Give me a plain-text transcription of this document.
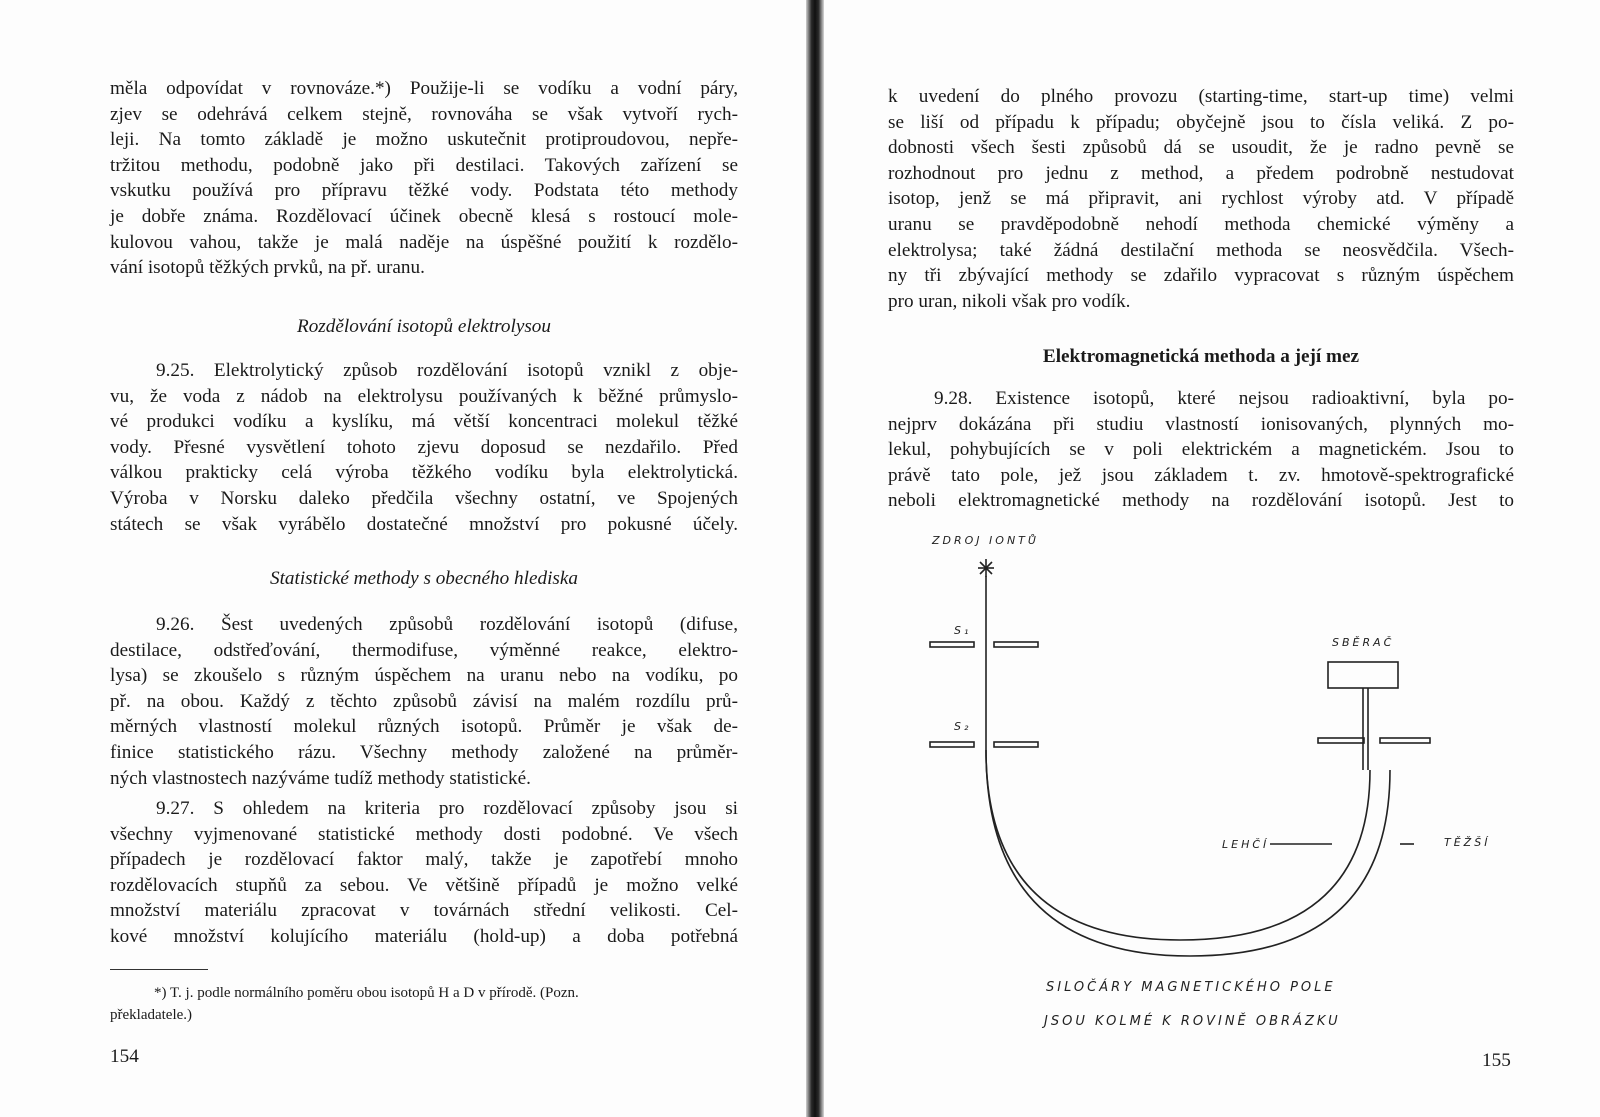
měla odpovídat v rovnováze.*) Použije-li se vodíku a vodní páry,
zjev se odehrává celkem stejně, rovnováha se však vytvoří rych-
leji. Na tomto základě je možno uskutečnit protiproudovou, nepře-
tržitou methodu, podobně jako při destilaci. Takových zařízení se
vskutku používá pro přípravu těžké vody. Podstata této methody
je dobře známa. Rozdělovací účinek obecně klesá s rostoucí mole-
kulovou vahou, takže je malá naděje na úspěšné použití k rozdělo-
vání isotopů těžkých prvků, na př. uranu.
Rozdělování isotopů elektrolysou
9.25. Elektrolytický způsob rozdělování isotopů vznikl z obje-
vu, že voda z nádob na elektrolysu používaných k běžné průmyslo-
vé produkci vodíku a kyslíku, má větší koncentraci molekul těžké
vody. Přesné vysvětlení tohoto zjevu doposud se nezdařilo. Před
válkou prakticky celá výroba těžkého vodíku byla elektrolytická.
Výroba v Norsku daleko předčila všechny ostatní, ve Spojených
státech se však vyrábělo dostatečné množství pro pokusné účely.
Statistické methody s obecného hlediska
9.26. Šest uvedených způsobů rozdělování isotopů (difuse,
destilace, odstřeďování, thermodifuse, výměnné reakce, elektro-
lysa) se zkoušelo s různým úspěchem na uranu nebo na vodíku, po
př. na obou. Každý z těchto způsobů závisí na malém rozdílu prů-
měrných vlastností molekul různých isotopů. Průměr je však de-
finice statistického rázu. Všechny methody založené na průměr-
ných vlastnostech nazýváme tudíž methody statistické.
9.27. S ohledem na kriteria pro rozdělovací způsoby jsou si
všechny vyjmenované statistické methody dosti podobné. Ve všech
případech je rozdělovací faktor malý, takže je zapotřebí mnoho
rozdělovacích stupňů za sebou. Ve většině případů je možno velké
množství materiálu zpracovat v továrnách střední velikosti. Cel-
kové množství kolujícího materiálu (hold-up) a doba potřebná
*) T. j. podle normálního poměru obou isotopů H a D v přírodě. (Pozn.
překladatele.)
154
k uvedení do plného provozu (starting-time, start-up time) velmi
se liší od případu k případu; obyčejně jsou to čísla veliká. Z po-
dobnosti všech šesti způsobů dá se usoudit, že je radno pevně se
rozhodnout pro jednu z method, a předem podrobně nestudovat
isotop, jenž se má připravit, ani rychlost výroby atd. V případě
uranu se pravděpodobně nehodí methoda chemické výměny a
elektrolysa; také žádná destilační methoda se neosvědčila. Všech-
ny tři zbývající methody se zdařilo vypracovat s různým úspěchem
pro uran, nikoli však pro vodík.
Elektromagnetická methoda a její mez
9.28. Existence isotopů, které nejsou radioaktivní, byla po-
nejprv dokázána při studiu vlastností ionisovaných, plynných mo-
lekul, pohybujících se v poli elektrickém a magnetickém. Jsou to
právě tato pole, jež jsou základem t. zv. hmotově-spektrografické
neboli elektromagnetické methody na rozdělování isotopů. Jest to
ZDROJ IONTŮ
S₁
S₂
SBĚRAČ
LEHČÍ	TĚŽŠÍ
SILOČÁRY MAGNETICKÉHO POLE
JSOU KOLMÉ K ROVINĚ OBRÁZKU
155
